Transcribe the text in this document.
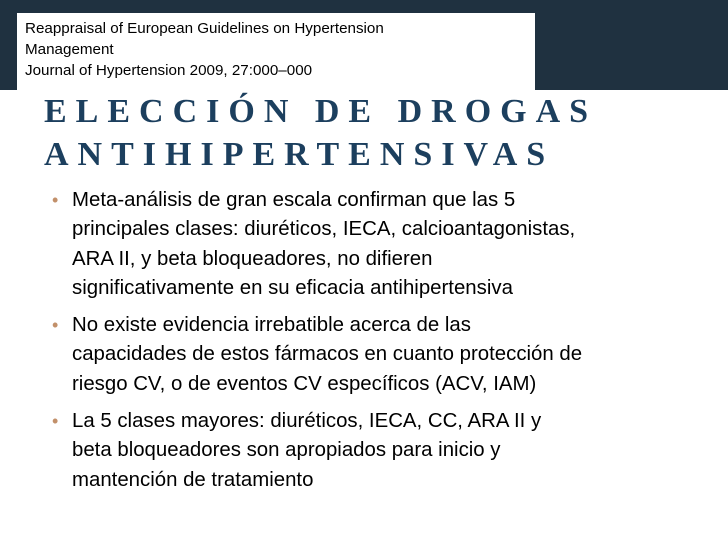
Reappraisal of European Guidelines on Hypertension
Management
Journal of Hypertension 2009, 27:000–000
ELECCIÓN DE DROGAS
ANTIHIPERTENSIVAS
• Meta-análisis de gran escala confirman que las 5
principales clases: diuréticos, IECA, calcioantagonistas,
ARA II, y beta bloqueadores, no difieren
significativamente en su eficacia antihipertensiva
• No existe evidencia irrebatible acerca de las
capacidades de estos fármacos en cuanto protección de
riesgo CV, o de eventos CV específicos (ACV, IAM)
• La 5 clases mayores: diuréticos, IECA, CC, ARA II y
beta bloqueadores son apropiados para inicio y
mantención de tratamiento
